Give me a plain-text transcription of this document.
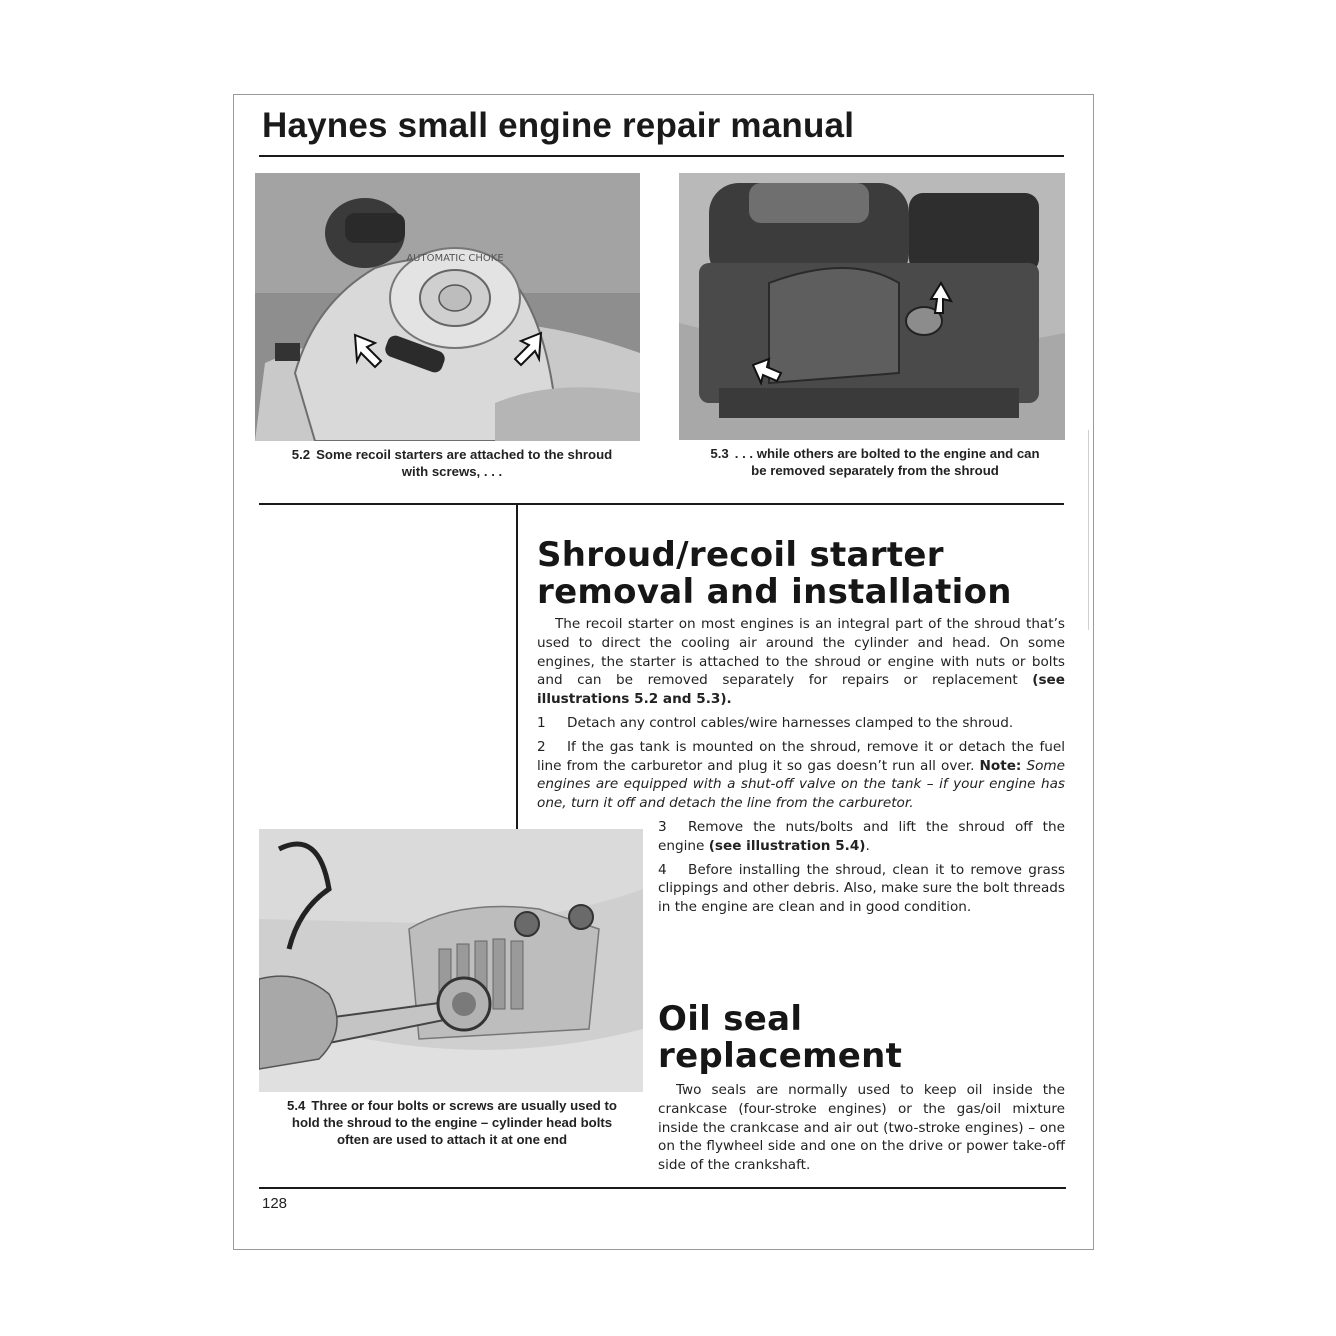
Haynes small engine repair manual
AUTOMATIC CHOKE
5.2 Some recoil starters are attached to the shroud
with screws, . . .
5.3 . . . while others are bolted to the engine and can
be removed separately from the shroud
Shroud/recoil starter
removal and installation

The recoil starter on most engines is an integral part of the shroud that’s used to direct the cooling air around the cylinder and head. On some engines, the starter is attached to the shroud or engine with nuts or bolts and can be removed separately for repairs or replacement (see illustrations 5.2 and 5.3).

1 Detach any control cables/wire harnesses clamped to the shroud.

2 If the gas tank is mounted on the shroud, remove it or detach the fuel line from the carburetor and plug it so gas doesn’t run all over. Note: Some engines are equipped with a shut-off valve on the tank – if your engine has one, turn it off and detach the line from the carburetor.

3 Remove the nuts/bolts and lift the shroud off the engine (see illustration 5.4).

4 Before installing the shroud, clean it to remove grass clippings and other debris. Also, make sure the bolt threads in the engine are clean and in good condition.

5.4 Three or four bolts or screws are usually used to
hold the shroud to the engine – cylinder head bolts
often are used to attach it at one end
Oil seal
replacement

Two seals are normally used to keep oil inside the crankcase (four-stroke engines) or the gas/oil mixture inside the crankcase and air out (two-stroke engines) – one on the flywheel side and one on the drive or power take-off side of the crankshaft.

128
